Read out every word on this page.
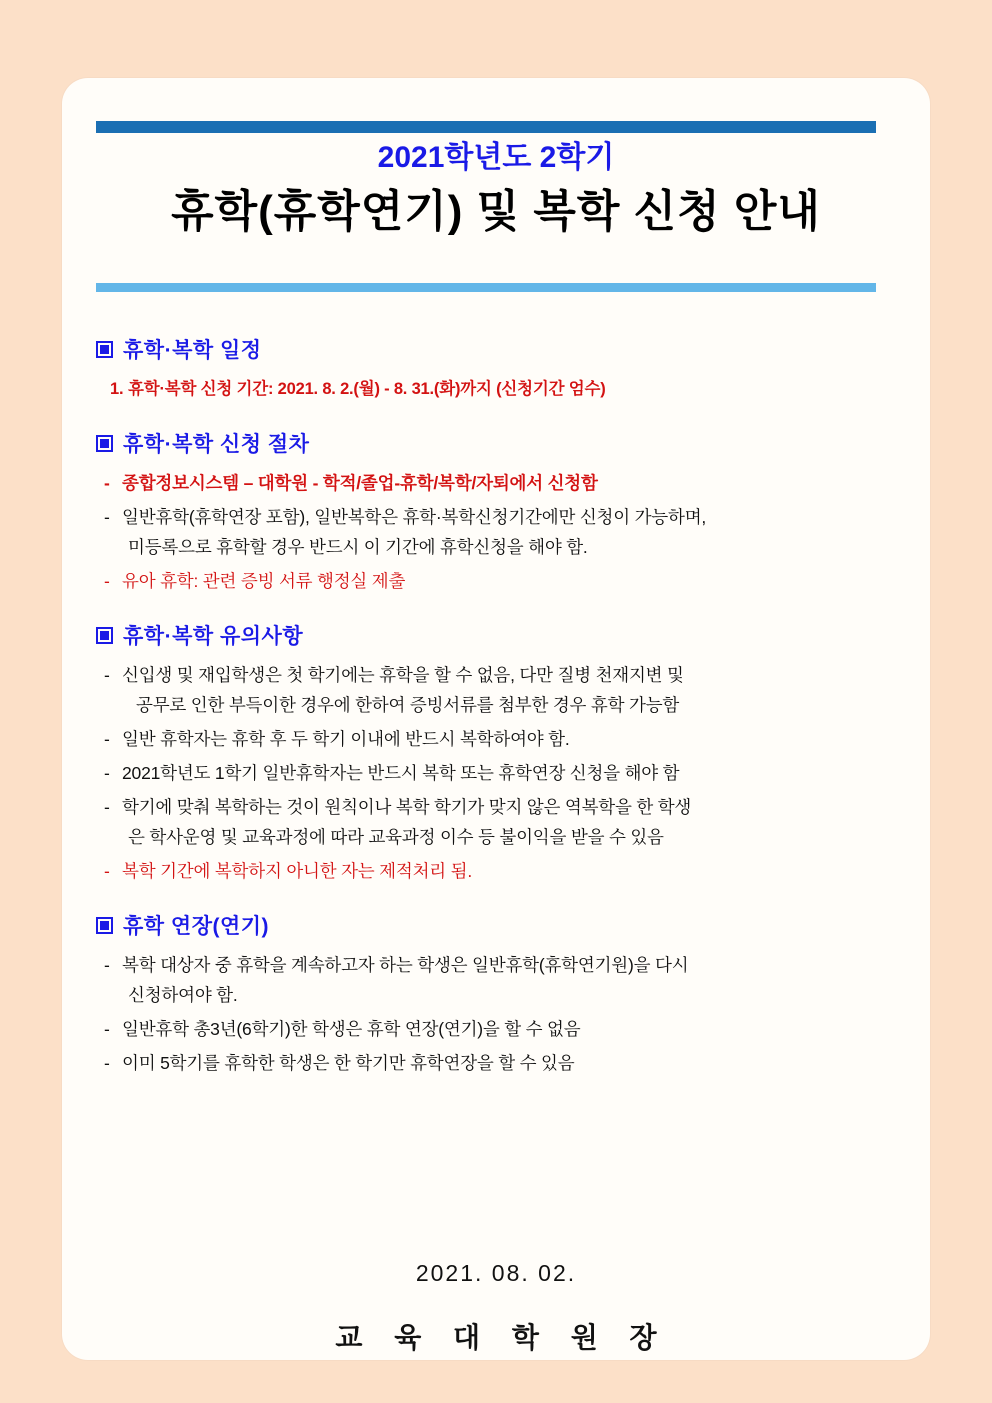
2021학년도 2학기
휴학(휴학연기) 및 복학 신청 안내
휴학·복학 일정
1. 휴학·복학 신청 기간: 2021. 8. 2.(월) - 8. 31.(화)까지 (신청기간 엄수)
휴학·복학 신청 절차
- 종합정보시스템 – 대학원 - 학적/졸업-휴학/복학/자퇴에서 신청함
- 일반휴학(휴학연장 포함), 일반복학은 휴학·복학신청기간에만 신청이 가능하며,
미등록으로 휴학할 경우 반드시 이 기간에 휴학신청을 해야 함.
- 유아 휴학: 관련 증빙 서류 행정실 제출
휴학·복학 유의사항
- 신입생 및 재입학생은 첫 학기에는 휴학을 할 수 없음, 다만 질병 천재지변 및
공무로 인한 부득이한 경우에 한하여 증빙서류를 첨부한 경우 휴학 가능함
- 일반 휴학자는 휴학 후 두 학기 이내에 반드시 복학하여야 함.
- 2021학년도 1학기 일반휴학자는 반드시 복학 또는 휴학연장 신청을 해야 함
- 학기에 맞춰 복학하는 것이 원칙이나 복학 학기가 맞지 않은 역복학을 한 학생
은 학사운영 및 교육과정에 따라 교육과정 이수 등 불이익을 받을 수 있음
- 복학 기간에 복학하지 아니한 자는 제적처리 됨.
휴학 연장(연기)
- 복학 대상자 중 휴학을 계속하고자 하는 학생은 일반휴학(휴학연기원)을 다시
신청하여야 함.
- 일반휴학 총3년(6학기)한 학생은 휴학 연장(연기)을 할 수 없음
- 이미 5학기를 휴학한 학생은 한 학기만 휴학연장을 할 수 있음
2021. 08. 02.
교 육 대 학 원 장
